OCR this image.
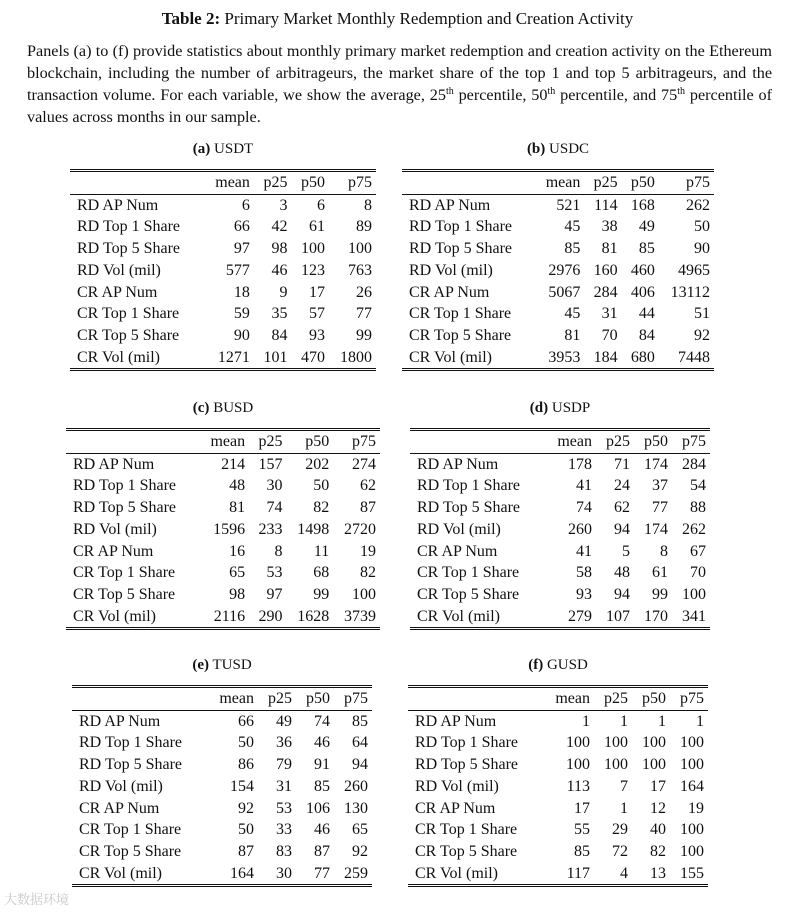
Table 2: Primary Market Monthly Redemption and Creation Activity
Panels (a) to (f) provide statistics about monthly primary market redemption and creation activity on the Ethereum blockchain, including the number of arbitrageurs, the market share of the top 1 and top 5 arbitrageurs, and the transaction volume. For each variable, we show the average, 25th percentile, 50th percentile, and 75th percentile of values across months in our sample.
(a) USDT
	mean	p25	p50	p75
RD AP Num	6	3	6	8
RD Top 1 Share	66	42	61	89
RD Top 5 Share	97	98	100	100
RD Vol (mil)	577	46	123	763
CR AP Num	18	9	17	26
CR Top 1 Share	59	35	57	77
CR Top 5 Share	90	84	93	99
CR Vol (mil)	1271	101	470	1800
(b) USDC
	mean	p25	p50	p75
RD AP Num	521	114	168	262
RD Top 1 Share	45	38	49	50
RD Top 5 Share	85	81	85	90
RD Vol (mil)	2976	160	460	4965
CR AP Num	5067	284	406	13112
CR Top 1 Share	45	31	44	51
CR Top 5 Share	81	70	84	92
CR Vol (mil)	3953	184	680	7448
(c) BUSD
	mean	p25	p50	p75
RD AP Num	214	157	202	274
RD Top 1 Share	48	30	50	62
RD Top 5 Share	81	74	82	87
RD Vol (mil)	1596	233	1498	2720
CR AP Num	16	8	11	19
CR Top 1 Share	65	53	68	82
CR Top 5 Share	98	97	99	100
CR Vol (mil)	2116	290	1628	3739
(d) USDP
	mean	p25	p50	p75
RD AP Num	178	71	174	284
RD Top 1 Share	41	24	37	54
RD Top 5 Share	74	62	77	88
RD Vol (mil)	260	94	174	262
CR AP Num	41	5	8	67
CR Top 1 Share	58	48	61	70
CR Top 5 Share	93	94	99	100
CR Vol (mil)	279	107	170	341
(e) TUSD
	mean	p25	p50	p75
RD AP Num	66	49	74	85
RD Top 1 Share	50	36	46	64
RD Top 5 Share	86	79	91	94
RD Vol (mil)	154	31	85	260
CR AP Num	92	53	106	130
CR Top 1 Share	50	33	46	65
CR Top 5 Share	87	83	87	92
CR Vol (mil)	164	30	77	259
(f) GUSD
	mean	p25	p50	p75
RD AP Num	1	1	1	1
RD Top 1 Share	100	100	100	100
RD Top 5 Share	100	100	100	100
RD Vol (mil)	113	7	17	164
CR AP Num	17	1	12	19
CR Top 1 Share	55	29	40	100
CR Top 5 Share	85	72	82	100
CR Vol (mil)	117	4	13	155
大数据环境
